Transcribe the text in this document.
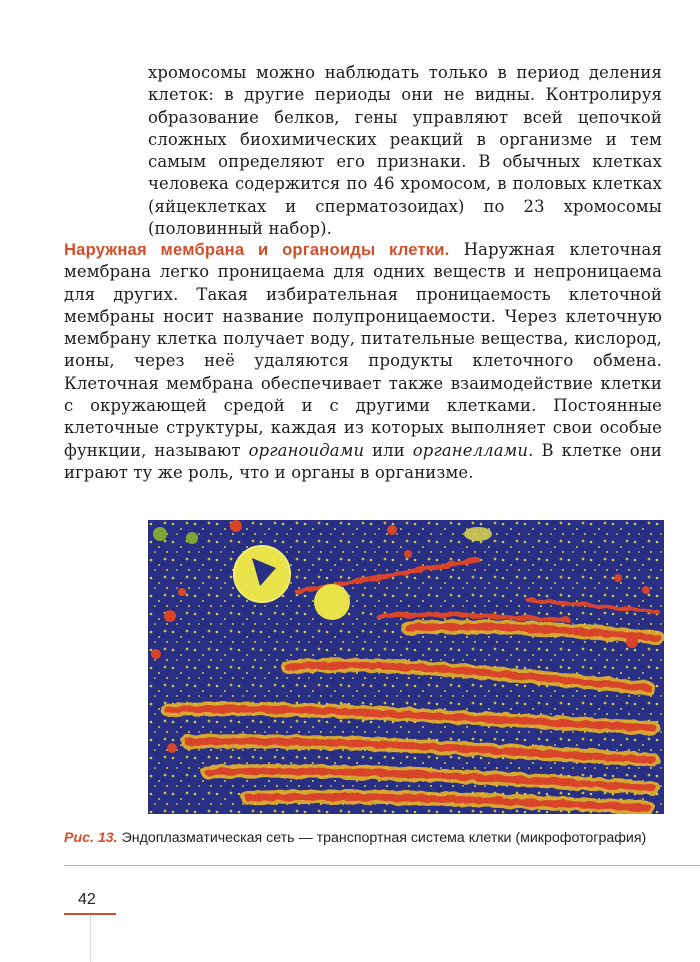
хромосомы можно наблюдать только в период деления клеток: в другие периоды они не видны. Контролируя образование белков, гены управляют всей цепочкой сложных биохимических реакций в организме и тем самым определяют его признаки. В обычных клетках человека содержится по 46 хромосом, в половых клетках (яйцеклетках и сперматозоидах) по 23 хромосомы (половинный набор).

Наружная мембрана и органоиды клетки. Наружная клеточная мембрана легко проницаема для одних веществ и непроницаема для других. Такая избирательная проницаемость клеточной мембраны носит название полупроницаемости. Через клеточную мембрану клетка получает воду, питательные вещества, кислород, ионы, через неё удаляются продукты клеточного обмена. Клеточная мембрана обеспечивает также взаимодействие клетки с окружающей средой и с другими клетками. Постоянные клеточные структуры, каждая из которых выполняет свои особые функции, называют органоидами или органеллами. В клетке они играют ту же роль, что и органы в организме.

Рис. 13. Эндоплазматическая сеть — транспортная система клетки (микрофотография)
42
